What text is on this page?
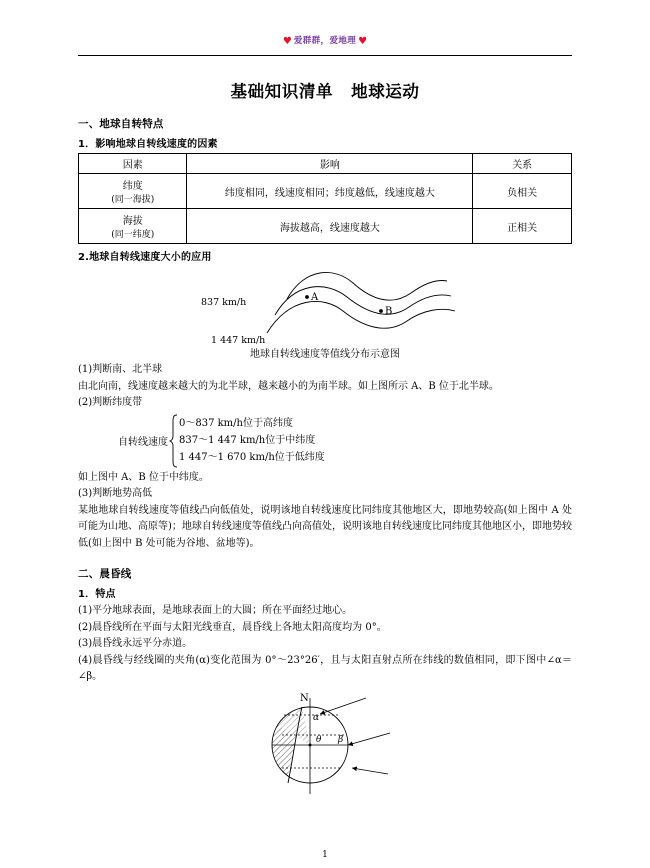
♥ 爱群群，爱地理 ♥
基础知识清单 地球运动
一、地球自转特点
1．影响地球自转线速度的因素
因素	影响	关系
纬度
(同一海拔)	纬度相同，线速度相同；纬度越低，线速度越大	负相关
海拔
(同一纬度)	海拔越高，线速度越大	正相关
2.地球自转线速度大小的应用
A
B
837 km/h
1 447 km/h
地球自转线速度等值线分布示意图

(1)判断南、北半球

由北向南，线速度越来越大的为北半球，越来越小的为南半球。如上图所示 A、B 位于北半球。

(2)判断纬度带

自转线速度
0～837 km/h位于高纬度
837～1 447 km/h位于中纬度
1 447～1 670 km/h位于低纬度

如上图中 A、B 位于中纬度。

(3)判断地势高低

某地地球自转线速度等值线凸向低值处，说明该地自转线速度比同纬度其他地区大，即地势较高(如上图中 A 处可能为山地、高原等)；地球自转线速度等值线凸向高值处，说明该地自转线速度比同纬度其他地区小，即地势较低(如上图中 B 处可能为谷地、盆地等)。

二、晨昏线
1．特点

(1)平分地球表面，是地球表面上的大圆；所在平面经过地心。

(2)晨昏线所在平面与太阳光线垂直，晨昏线上各地太阳高度均为 0°。

(3)晨昏线永远平分赤道。

(4)晨昏线与经线圈的夹角(α)变化范围为 0°～23°26′，且与太阳直射点所在纬线的数值相同，即下图中∠α＝∠β。

N
α
θ β
1
